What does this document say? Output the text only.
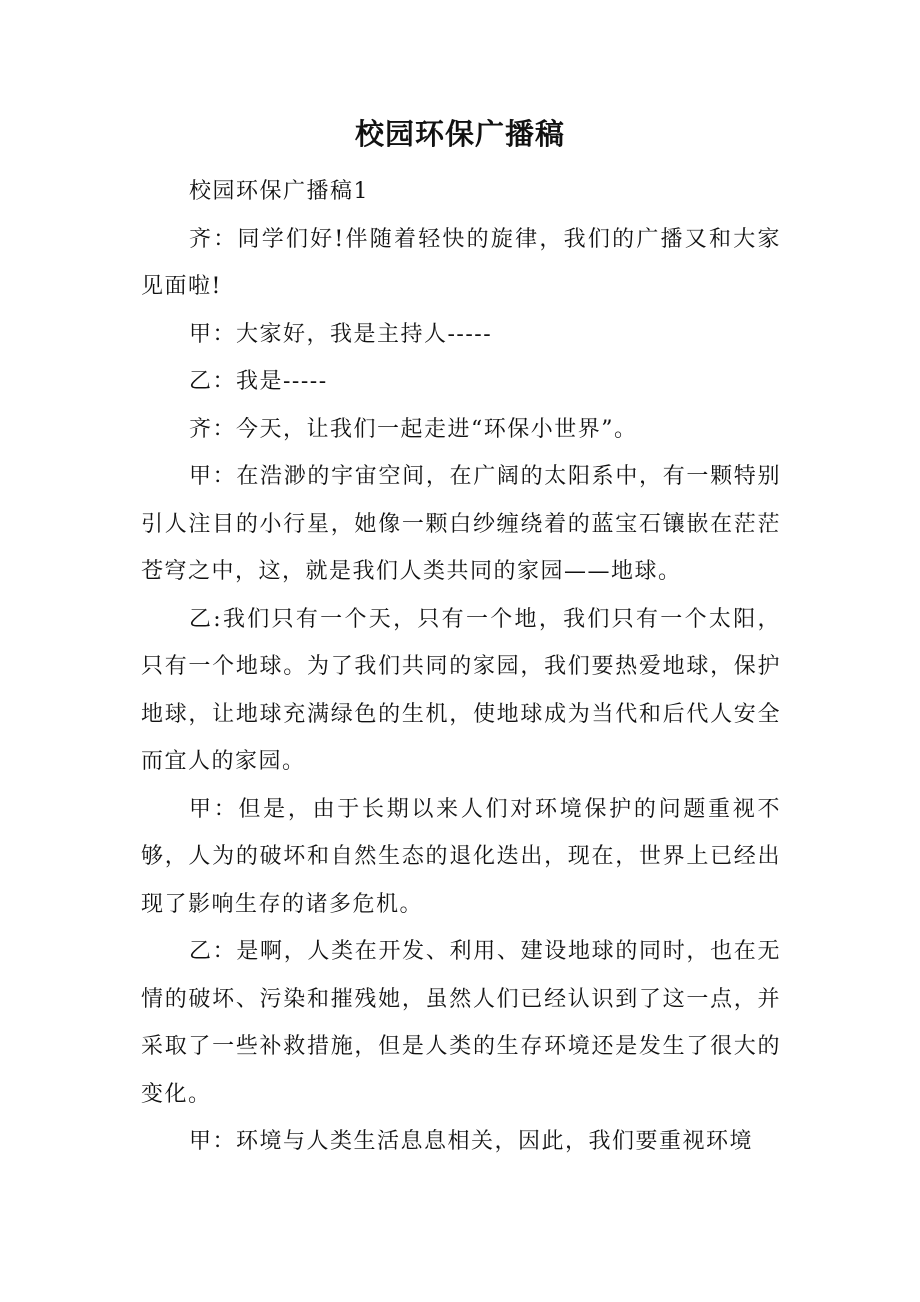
校园环保广播稿

校园环保广播稿1

齐：同学们好!伴随着轻快的旋律，我们的广播又和大家见面啦!

甲：大家好，我是主持人-----

乙：我是-----

齐：今天，让我们一起走进“环保小世界”。

甲：在浩渺的宇宙空间，在广阔的太阳系中，有一颗特别引人注目的小行星，她像一颗白纱缠绕着的蓝宝石镶嵌在茫茫苍穹之中，这，就是我们人类共同的家园——地球。

乙:我们只有一个天，只有一个地，我们只有一个太阳，只有一个地球。为了我们共同的家园，我们要热爱地球，保护地球，让地球充满绿色的生机，使地球成为当代和后代人安全而宜人的家园。

甲：但是，由于长期以来人们对环境保护的问题重视不够，人为的破坏和自然生态的退化迭出，现在，世界上已经出现了影响生存的诸多危机。

乙：是啊，人类在开发、利用、建设地球的同时，也在无情的破坏、污染和摧残她，虽然人们已经认识到了这一点，并采取了一些补救措施，但是人类的生存环境还是发生了很大的变化。

甲：环境与人类生活息息相关，因此，我们要重视环境
